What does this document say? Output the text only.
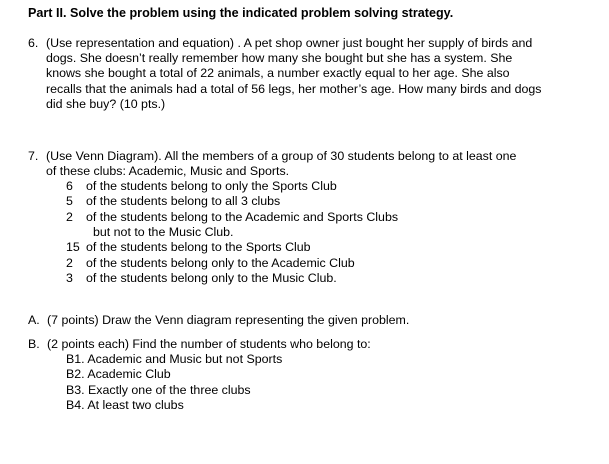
Part II. Solve the problem using the indicated problem solving strategy.
6. (Use representation and equation) . A pet shop owner just bought her supply of birds and
dogs. She doesn’t really remember how many she bought but she has a system. She
knows she bought a total of 22 animals, a number exactly equal to her age. She also
recalls that the animals had a total of 56 legs, her mother’s age. How many birds and dogs
did she buy? (10 pts.)
7. (Use Venn Diagram). All the members of a group of 30 students belong to at least one
of these clubs: Academic, Music and Sports.
6 of the students belong to only the Sports Club
5 of the students belong to all 3 clubs
2 of the students belong to the Academic and Sports Clubs
but not to the Music Club.
15 of the students belong to the Sports Club
2 of the students belong only to the Academic Club
3 of the students belong only to the Music Club.
A. (7 points) Draw the Venn diagram representing the given problem.
B. (2 points each) Find the number of students who belong to:
B1. Academic and Music but not Sports
B2. Academic Club
B3. Exactly one of the three clubs
B4. At least two clubs
